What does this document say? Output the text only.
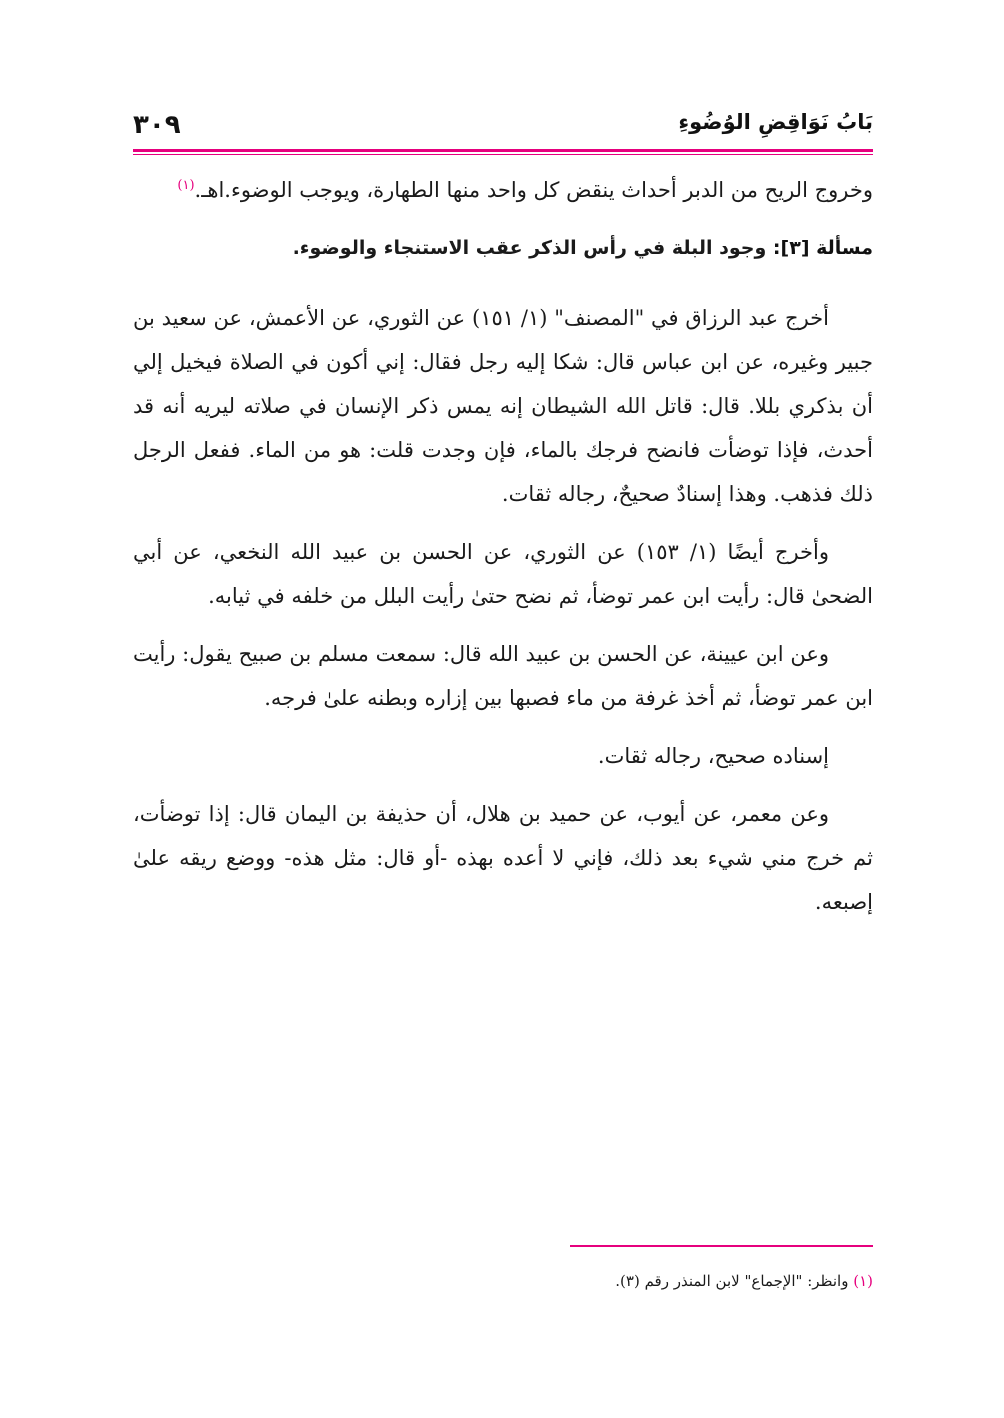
٣٠٩	بَابُ نَوَاقِضِ الوُضُوءِ

وخروج الريح من الدبر أحداث ينقض كل واحد منها الطهارة، ويوجب الوضوء.اهـ.$^{(١)}$

مسألة [٣]: وجود البلة في رأس الذكر عقب الاستنجاء والوضوء.

أخرج عبد الرزاق في "المصنف" (١/ ١٥١) عن الثوري، عن الأعمش، عن سعيد بن جبير وغيره، عن ابن عباس قال: شكا إليه رجل فقال: إني أكون في الصلاة فيخيل إلي أن بذكري بللا. قال: قاتل الله الشيطان إنه يمس ذكر الإنسان في صلاته ليريه أنه قد أحدث، فإذا توضأت فانضح فرجك بالماء، فإن وجدت قلت: هو من الماء. ففعل الرجل ذلك فذهب. وهذا إسنادٌ صحيحٌ، رجاله ثقات.

وأخرج أيضًا (١/ ١٥٣) عن الثوري، عن الحسن بن عبيد الله النخعي، عن أبي الضحىٰ قال: رأيت ابن عمر توضأ، ثم نضح حتىٰ رأيت البلل من خلفه في ثيابه.

وعن ابن عيينة، عن الحسن بن عبيد الله قال: سمعت مسلم بن صبيح يقول: رأيت ابن عمر توضأ، ثم أخذ غرفة من ماء فصبها بين إزاره وبطنه علىٰ فرجه.

إسناده صحيح، رجاله ثقات.

وعن معمر، عن أيوب، عن حميد بن هلال، أن حذيفة بن اليمان قال: إذا توضأت، ثم خرج مني شيء بعد ذلك، فإني لا أعده بهذه -أو قال: مثل هذه- ووضع ريقه علىٰ إصبعه.

(١) وانظر: "الإجماع" لابن المنذر رقم (٣).
